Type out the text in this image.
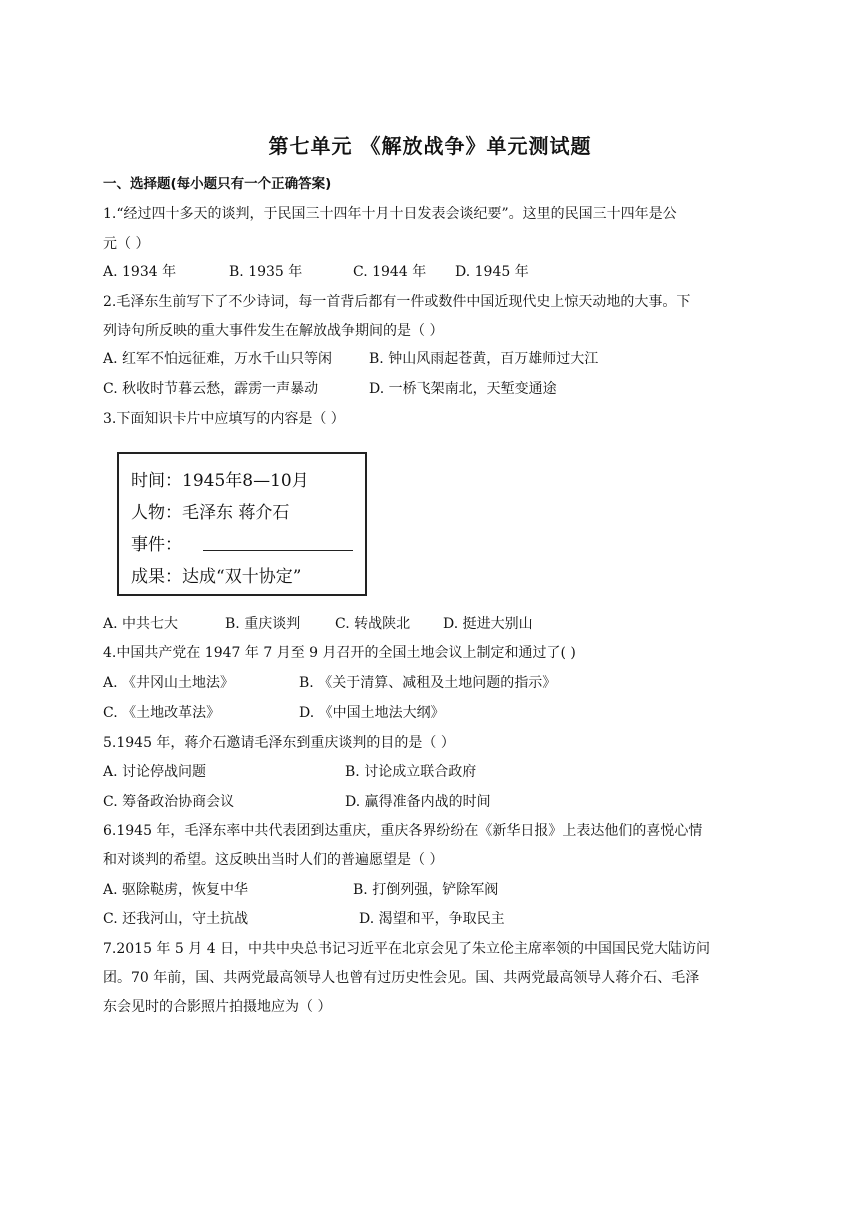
第七单元 《解放战争》单元测试题
一、选择题(每小题只有一个正确答案)
1.“经过四十多天的谈判，于民国三十四年十月十日发表会谈纪要”。这里的民国三十四年是公
元（ ）
A. 1934 年	B. 1935 年	C. 1944 年 D. 1945 年
2.毛泽东生前写下了不少诗词，每一首背后都有一件或数件中国近现代史上惊天动地的大事。下
列诗句所反映的重大事件发生在解放战争期间的是（ ）
A. 红军不怕远征难，万水千山只等闲	B. 钟山风雨起苍黄，百万雄师过大江
C. 秋收时节暮云愁，霹雳一声暴动	D. 一桥飞架南北，天堑变通途
3.下面知识卡片中应填写的内容是（ ）
时间：1945年8—10月
人物：毛泽东 蒋介石
事件：
成果：达成“双十协定”
A. 中共七大	B. 重庆谈判 C. 转战陕北 D. 挺进大别山
4.中国共产党在 1947 年 7 月至 9 月召开的全国土地会议上制定和通过了( )
A. 《井冈山土地法》	B. 《关于清算、减租及土地问题的指示》
C. 《土地改革法》	D. 《中国土地法大纲》
5.1945 年，蒋介石邀请毛泽东到重庆谈判的目的是（ ）
A. 讨论停战问题	B. 讨论成立联合政府
C. 筹备政治协商会议	D. 赢得准备内战的时间
6.1945 年，毛泽东率中共代表团到达重庆，重庆各界纷纷在《新华日报》上表达他们的喜悦心情
和对谈判的希望。这反映出当时人们的普遍愿望是（ ）
A. 驱除鞑虏，恢复中华	B. 打倒列强，铲除军阀
C. 还我河山，守土抗战	D. 渴望和平，争取民主
7.2015 年 5 月 4 日，中共中央总书记习近平在北京会见了朱立伦主席率领的中国国民党大陆访问
团。70 年前，国、共两党最高领导人也曾有过历史性会见。国、共两党最高领导人蒋介石、毛泽
东会见时的合影照片拍摄地应为（ ）
